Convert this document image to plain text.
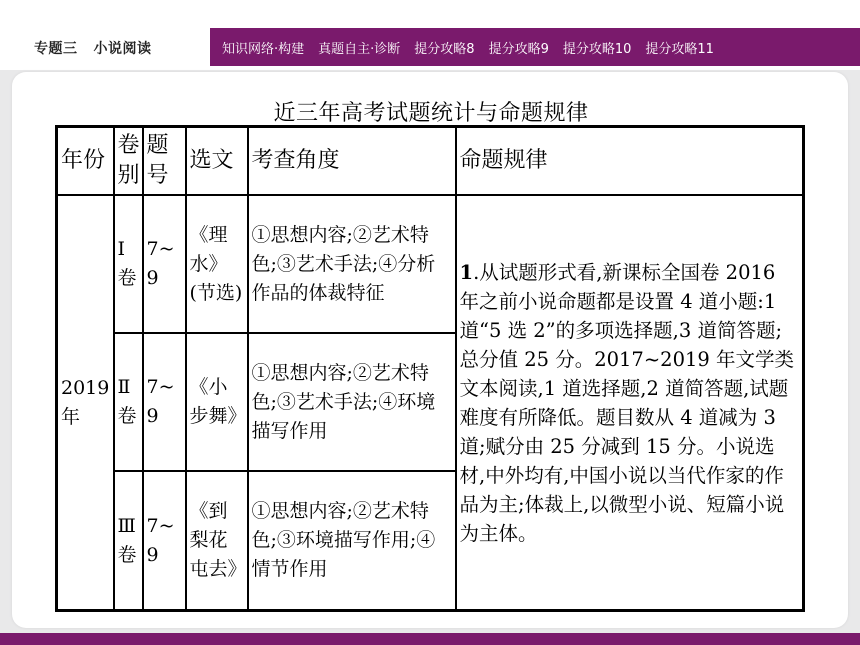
专题三 小说阅读	知识网络·构建 真题自主·诊断 提分攻略8 提分攻略9 提分攻略10 提分攻略11
近三年高考试题统计与命题规律
年份	卷别	题号	选文	考查角度	命题规律
2019年	Ⅰ卷	7~9	《理水》(节选)	①思想内容;②艺术特色;③艺术手法;④分析作品的体裁特征	1.从试题形式看,新课标全国卷 2016 年之前小说命题都是设置 4 道小题:1 道“5 选 2”的多项选择题,3 道简答题;总分值 25 分。2017~2019 年文学类文本阅读,1 道选择题,2 道简答题,试题难度有所降低。题目数从 4 道减为 3 道;赋分由 25 分减到 15 分。小说选材,中外均有,中国小说以当代作家的作品为主;体裁上,以微型小说、短篇小说为主体。
	Ⅱ卷	7~9	《小步舞》	①思想内容;②艺术特色;③艺术手法;④环境描写作用	
	Ⅲ卷	7~9	《到梨花屯去》	①思想内容;②艺术特色;③环境描写作用;④情节作用	
